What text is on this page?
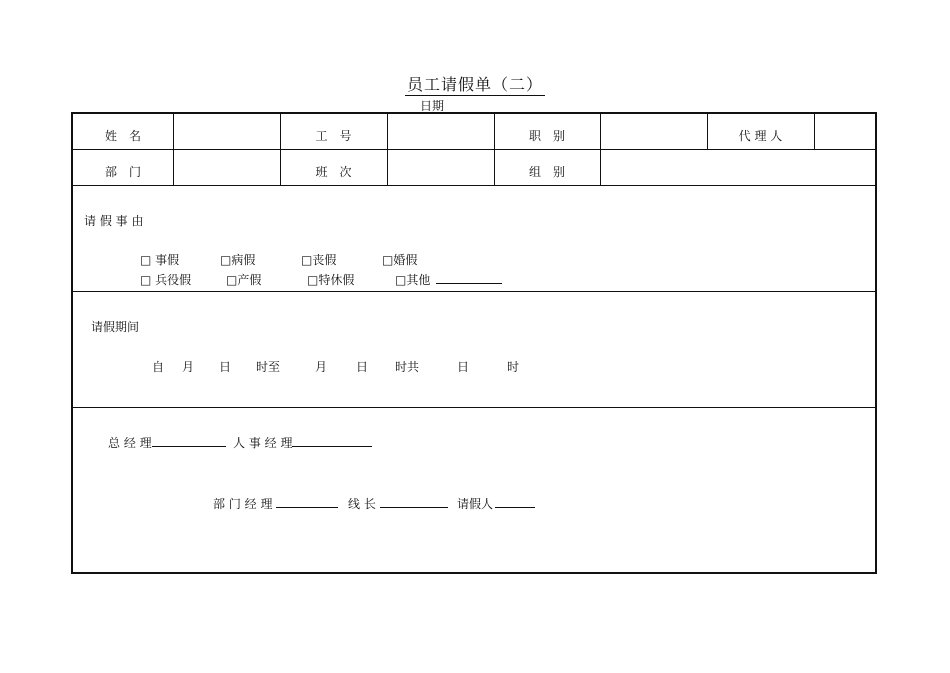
员工请假单（二）
日期
姓　名	工　号	职　别	代 理 人
部　门	班　次	组　别
请 假 事 由
□ 事假	□病假	□丧假	□婚假
□ 兵役假	□产假	□特休假	□其他
请假期间
自 月 日 时至	月 日 时共	日	时
总 经 理	人 事 经 理
部 门 经 理	线 长	请假人
